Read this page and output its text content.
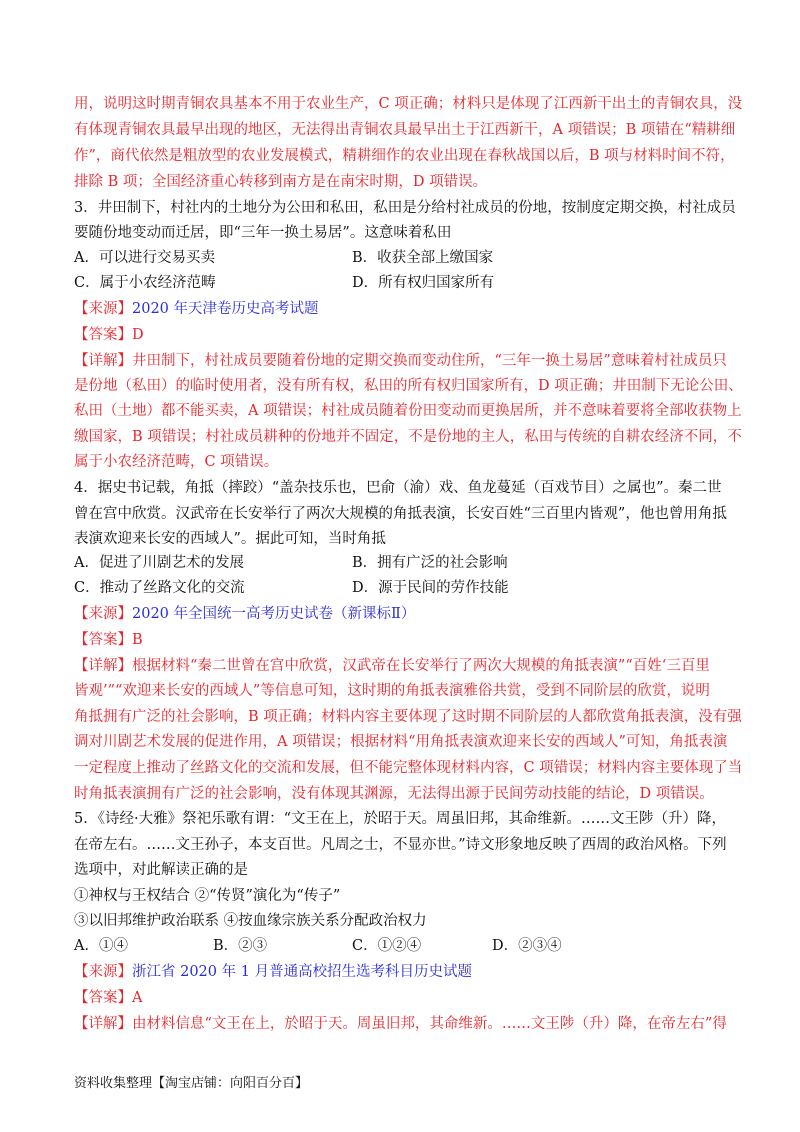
用，说明这时期青铜农具基本不用于农业生产，C 项正确；材料只是体现了江西新干出土的青铜农具，没
有体现青铜农具最早出现的地区，无法得出青铜农具最早出土于江西新干，A 项错误；B 项错在“精耕细
作”，商代依然是粗放型的农业发展模式，精耕细作的农业出现在春秋战国以后，B 项与材料时间不符，
排除 B 项；全国经济重心转移到南方是在南宋时期，D 项错误。
3．井田制下，村社内的土地分为公田和私田，私田是分给村社成员的份地，按制度定期交换，村社成员
要随份地变动而迁居，即“三年一换土易居”。这意味着私田
A．可以进行交易买卖	B．收获全部上缴国家
C．属于小农经济范畴	D．所有权归国家所有
【来源】2020 年天津卷历史高考试题
【答案】D
【详解】井田制下，村社成员要随着份地的定期交换而变动住所，“三年一换土易居”意味着村社成员只
是份地（私田）的临时使用者，没有所有权，私田的所有权归国家所有，D 项正确；井田制下无论公田、
私田（土地）都不能买卖，A 项错误；村社成员随着份田变动而更换居所，并不意味着要将全部收获物上
缴国家，B 项错误；村社成员耕种的份地并不固定，不是份地的主人，私田与传统的自耕农经济不同，不
属于小农经济范畴，C 项错误。
4．据史书记载，角抵（摔跤）“盖杂技乐也，巴俞（渝）戏、鱼龙蔓延（百戏节目）之属也”。秦二世
曾在宫中欣赏。汉武帝在长安举行了两次大规模的角抵表演，长安百姓“三百里内皆观”，他也曾用角抵
表演欢迎来长安的西域人”。据此可知，当时角抵
A．促进了川剧艺术的发展	B．拥有广泛的社会影响
C．推动了丝路文化的交流	D．源于民间的劳作技能
【来源】2020 年全国统一高考历史试卷（新课标Ⅱ）
【答案】B
【详解】根据材料“秦二世曾在宫中欣赏，汉武帝在长安举行了两次大规模的角抵表演”“百姓‘三百里
皆观’”“欢迎来长安的西域人”等信息可知，这时期的角抵表演雅俗共赏，受到不同阶层的欣赏，说明
角抵拥有广泛的社会影响，B 项正确；材料内容主要体现了这时期不同阶层的人都欣赏角抵表演，没有强
调对川剧艺术发展的促进作用，A 项错误；根据材料“用角抵表演欢迎来长安的西域人”可知，角抵表演
一定程度上推动了丝路文化的交流和发展，但不能完整体现材料内容，C 项错误；材料内容主要体现了当
时角抵表演拥有广泛的社会影响，没有体现其渊源，无法得出源于民间劳动技能的结论，D 项错误。
5．《诗经·大雅》祭祀乐歌有谓：“文王在上，於昭于天。周虽旧邦，其命维新。……文王陟（升）降，
在帝左右。……文王孙子，本支百世。凡周之士，不显亦世。”诗文形象地反映了西周的政治风格。下列
选项中，对此解读正确的是
①神权与王权结合 ②“传贤”演化为“传子”
③以旧邦维护政治联系 ④按血缘宗族关系分配政治权力
A．①④	B．②③	C．①②④	D．②③④
【来源】浙江省 2020 年 1 月普通高校招生选考科目历史试题
【答案】A
【详解】由材料信息“文王在上，於昭于天。周虽旧邦，其命维新。……文王陟（升）降，在帝左右”得
资料收集整理【淘宝店铺：向阳百分百】
